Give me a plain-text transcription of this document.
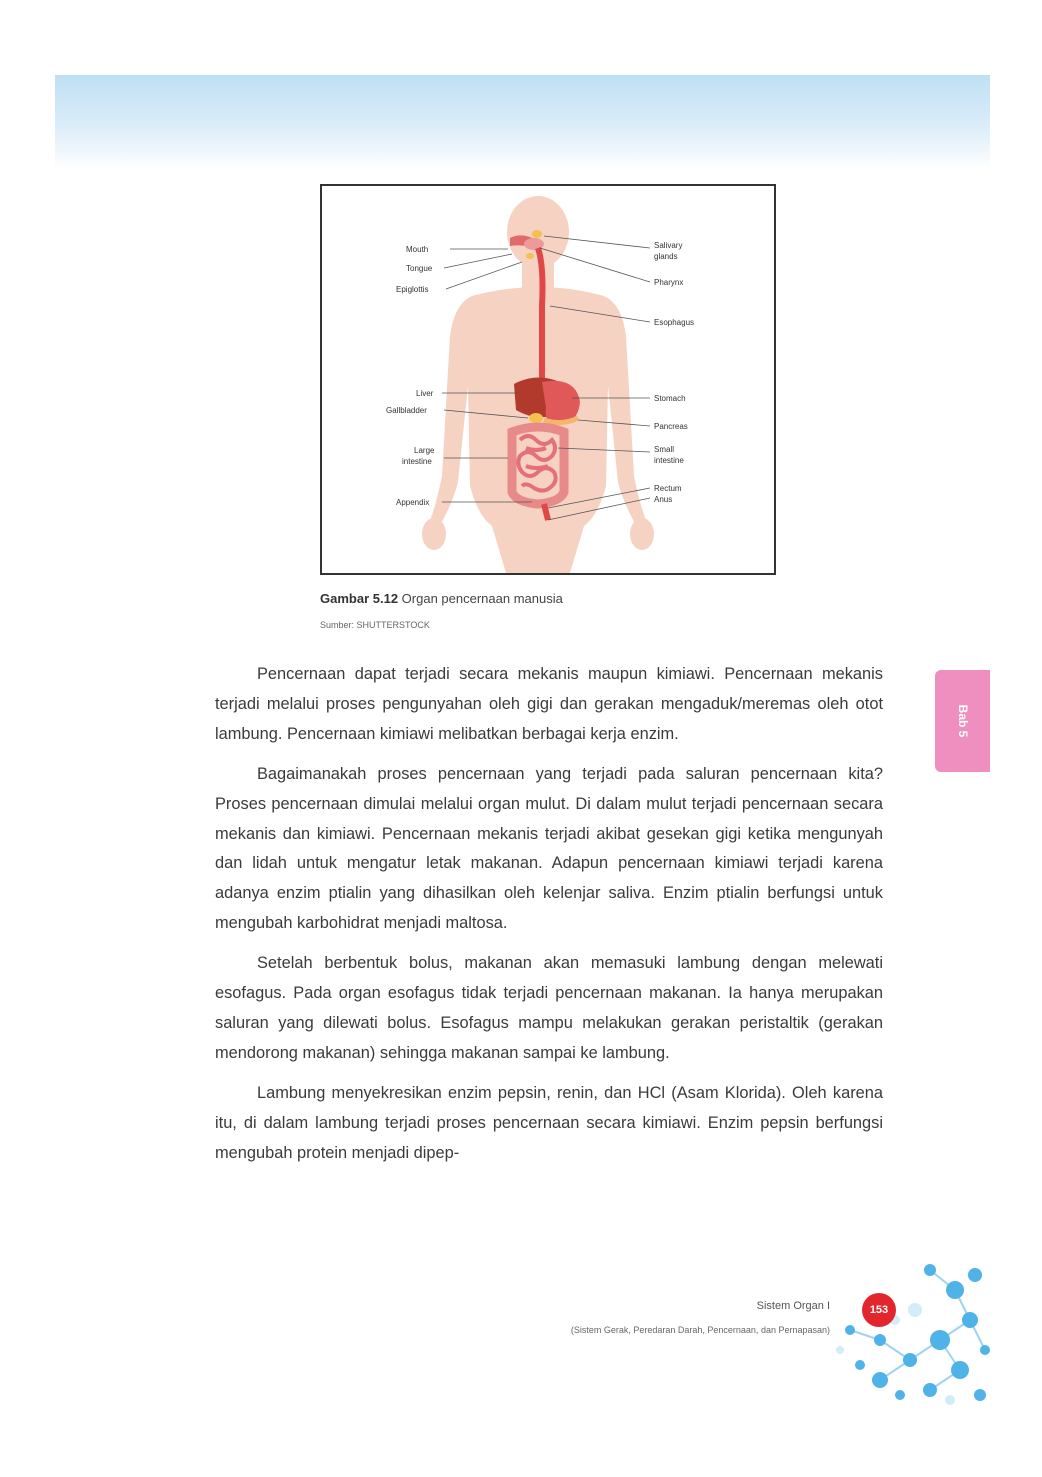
Mouth
Tongue
Epiglottis
Liver
Gallbladder
Large
intestine
Appendix
Salivary
glands
Pharynx
Esophagus
Stomach
Pancreas
Small
intestine
Rectum
Anus
Gambar 5.12 Organ pencernaan manusia
Sumber: SHUTTERSTOCK

Pencernaan dapat terjadi secara mekanis maupun kimiawi. Pencernaan mekanis terjadi melalui proses pengunyahan oleh gigi dan gerakan mengaduk/meremas oleh otot lambung. Pencernaan kimiawi melibatkan berbagai kerja enzim.

Bagaimanakah proses pencernaan yang terjadi pada saluran pencernaan kita? Proses pencernaan dimulai melalui organ mulut. Di dalam mulut terjadi pencernaan secara mekanis dan kimiawi. Pencernaan mekanis terjadi akibat gesekan gigi ketika mengunyah dan lidah untuk mengatur letak makanan. Adapun pencernaan kimiawi terjadi karena adanya enzim ptialin yang dihasilkan oleh kelenjar saliva. Enzim ptialin berfungsi untuk mengubah karbohidrat menjadi maltosa.

Setelah berbentuk bolus, makanan akan memasuki lambung dengan melewati esofagus. Pada organ esofagus tidak terjadi pencernaan makanan. Ia hanya merupakan saluran yang dilewati bolus. Esofagus mampu melakukan gerakan peristaltik (gerakan mendorong makanan) sehingga makanan sampai ke lambung.

Lambung menyekresikan enzim pepsin, renin, dan HCl (Asam Klorida). Oleh karena itu, di dalam lambung terjadi proses pencernaan secara kimiawi. Enzim pepsin berfungsi mengubah protein menjadi dipep-

Bab 5
Sistem Organ I
(Sistem Gerak, Peredaran Darah, Pencernaan, dan Pernapasan)
153
